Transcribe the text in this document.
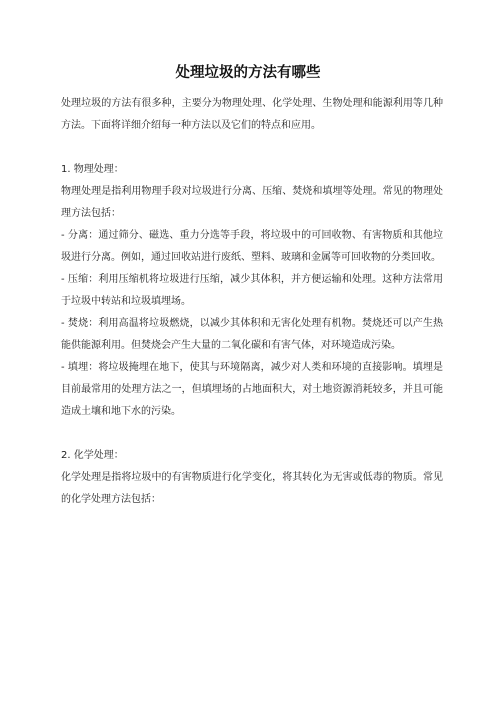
处理垃圾的方法有哪些

处理垃圾的方法有很多种，主要分为物理处理、化学处理、生物处理和能源利用等几种方法。下面将详细介绍每一种方法以及它们的特点和应用。

1. 物理处理：

物理处理是指利用物理手段对垃圾进行分离、压缩、焚烧和填埋等处理。常见的物理处理方法包括：

- 分离：通过筛分、磁选、重力分选等手段，将垃圾中的可回收物、有害物质和其他垃圾进行分离。例如，通过回收站进行废纸、塑料、玻璃和金属等可回收物的分类回收。

- 压缩：利用压缩机将垃圾进行压缩，减少其体积，并方便运输和处理。这种方法常用于垃圾中转站和垃圾填埋场。

- 焚烧：利用高温将垃圾燃烧，以减少其体积和无害化处理有机物。焚烧还可以产生热能供能源利用。但焚烧会产生大量的二氧化碳和有害气体，对环境造成污染。

- 填埋：将垃圾掩埋在地下，使其与环境隔离，减少对人类和环境的直接影响。填埋是目前最常用的处理方法之一，但填埋场的占地面积大，对土地资源消耗较多，并且可能造成土壤和地下水的污染。

2. 化学处理：

化学处理是指将垃圾中的有害物质进行化学变化，将其转化为无害或低毒的物质。常见的化学处理方法包括：
